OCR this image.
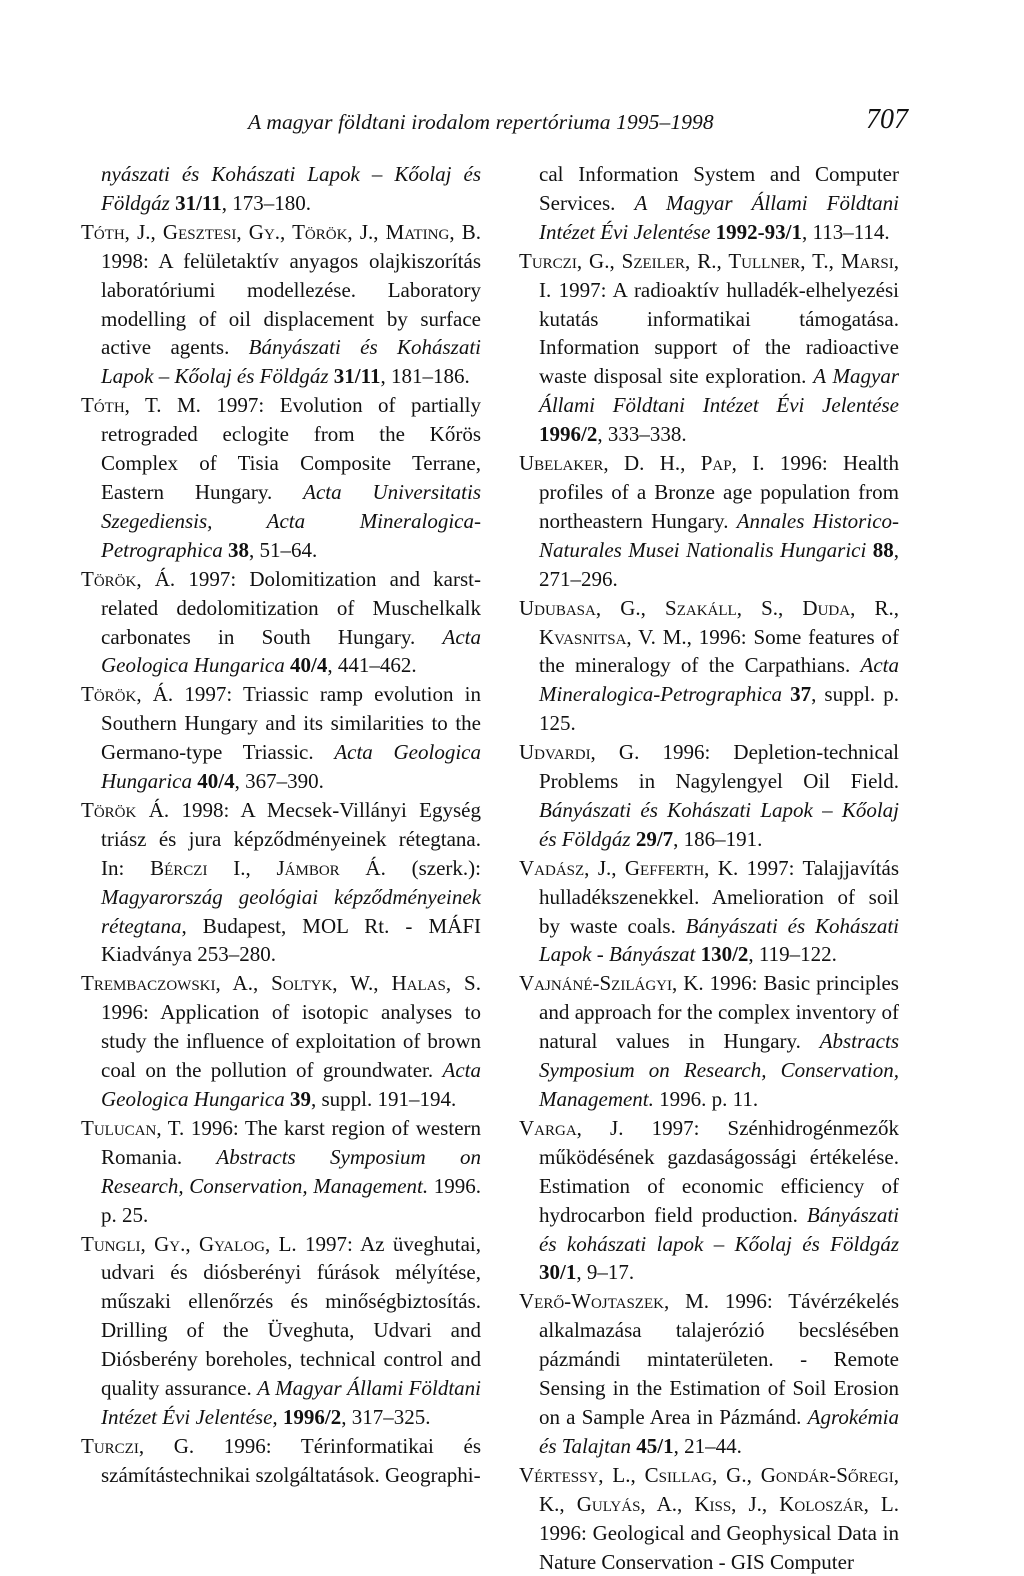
A magyar földtani irodalom repertóriuma 1995–1998	707

nyászati és Kohászati Lapok – Kőolaj és Földgáz 31/11, 173–180.

Tóth, J., Gesztesi, Gy., Török, J., Mating, B. 1998: A felületaktív anyagos olajkiszorítás laboratóriumi modellezése. Laboratory modelling of oil displacement by surface active agents. Bányászati és Kohászati Lapok – Kőolaj és Földgáz 31/11, 181–186.

Tóth, T. M. 1997: Evolution of partially retrograded eclogite from the Kőrös Complex of Tisia Composite Terrane, Eastern Hungary. Acta Universitatis Szegediensis, Acta Mineralogica-Petrographica 38, 51–64.

Török, Á. 1997: Dolomitization and karst-related dedolomitization of Muschelkalk carbonates in South Hungary. Acta Geologica Hungarica 40/4, 441–462.

Török, Á. 1997: Triassic ramp evolution in Southern Hungary and its similarities to the Germano-type Triassic. Acta Geologica Hungarica 40/4, 367–390.

Török Á. 1998: A Mecsek-Villányi Egység triász és jura képződményeinek rétegtana. In: Bérczi I., Jámbor Á. (szerk.): Magyarország geológiai képződményeinek rétegtana, Budapest, MOL Rt. - MÁFI Kiadványa 253–280.

Trembaczowski, A., Soltyk, W., Halas, S. 1996: Application of isotopic analyses to study the influence of exploitation of brown coal on the pollution of groundwater. Acta Geologica Hungarica 39, suppl. 191–194.

Tulucan, T. 1996: The karst region of western Romania. Abstracts Symposium on Research, Conservation, Management. 1996. p. 25.

Tungli, Gy., Gyalog, L. 1997: Az üveghutai, udvari és diósberényi fúrások mélyítése, műszaki ellenőrzés és minőségbiztosítás. Drilling of the Üveghuta, Udvari and Diósberény boreholes, technical control and quality assurance. A Magyar Állami Földtani Intézet Évi Jelentése, 1996/2, 317–325.

Turczi, G. 1996: Térinformatikai és számítástechnikai szolgáltatások. Geographi-

cal Information System and Computer Services. A Magyar Állami Földtani Intézet Évi Jelentése 1992-93/1, 113–114.

Turczi, G., Szeiler, R., Tullner, T., Marsi, I. 1997: A radioaktív hulladék-elhelyezési kutatás informatikai támogatása. Information support of the radioactive waste disposal site exploration. A Magyar Állami Földtani Intézet Évi Jelentése 1996/2, 333–338.

Ubelaker, D. H., Pap, I. 1996: Health profiles of a Bronze age population from northeastern Hungary. Annales Historico-Naturales Musei Nationalis Hungarici 88, 271–296.

Udubasa, G., Szakáll, S., Duda, R., Kvasnitsa, V. M., 1996: Some features of the mineralogy of the Carpathians. Acta Mineralogica-Petrographica 37, suppl. p. 125.

Udvardi, G. 1996: Depletion-technical Problems in Nagylengyel Oil Field. Bányászati és Kohászati Lapok – Kőolaj és Földgáz 29/7, 186–191.

Vadász, J., Gefferth, K. 1997: Talajjavítás hulladékszenekkel. Amelioration of soil by waste coals. Bányászati és Kohászati Lapok - Bányászat 130/2, 119–122.

Vajnáné-Szilágyi, K. 1996: Basic principles and approach for the complex inventory of natural values in Hungary. Abstracts Symposium on Research, Conservation, Management. 1996. p. 11.

Varga, J. 1997: Szénhidrogénmezők működésének gazdaságossági értékelése. Estimation of economic efficiency of hydrocarbon field production. Bányászati és kohászati lapok – Kőolaj és Földgáz 30/1, 9–17.

Verő-Wojtaszek, M. 1996: Távérzékelés alkalmazása talajerózió becslésében pázmándi mintaterületen. - Remote Sensing in the Estimation of Soil Erosion on a Sample Area in Pázmánd. Agrokémia és Talajtan 45/1, 21–44.

Vértessy, L., Csillag, G., Gondár-Sőregi, K., Gulyás, A., Kiss, J., Koloszár, L. 1996: Geological and Geophysical Data in Nature Conservation - GIS Computer
